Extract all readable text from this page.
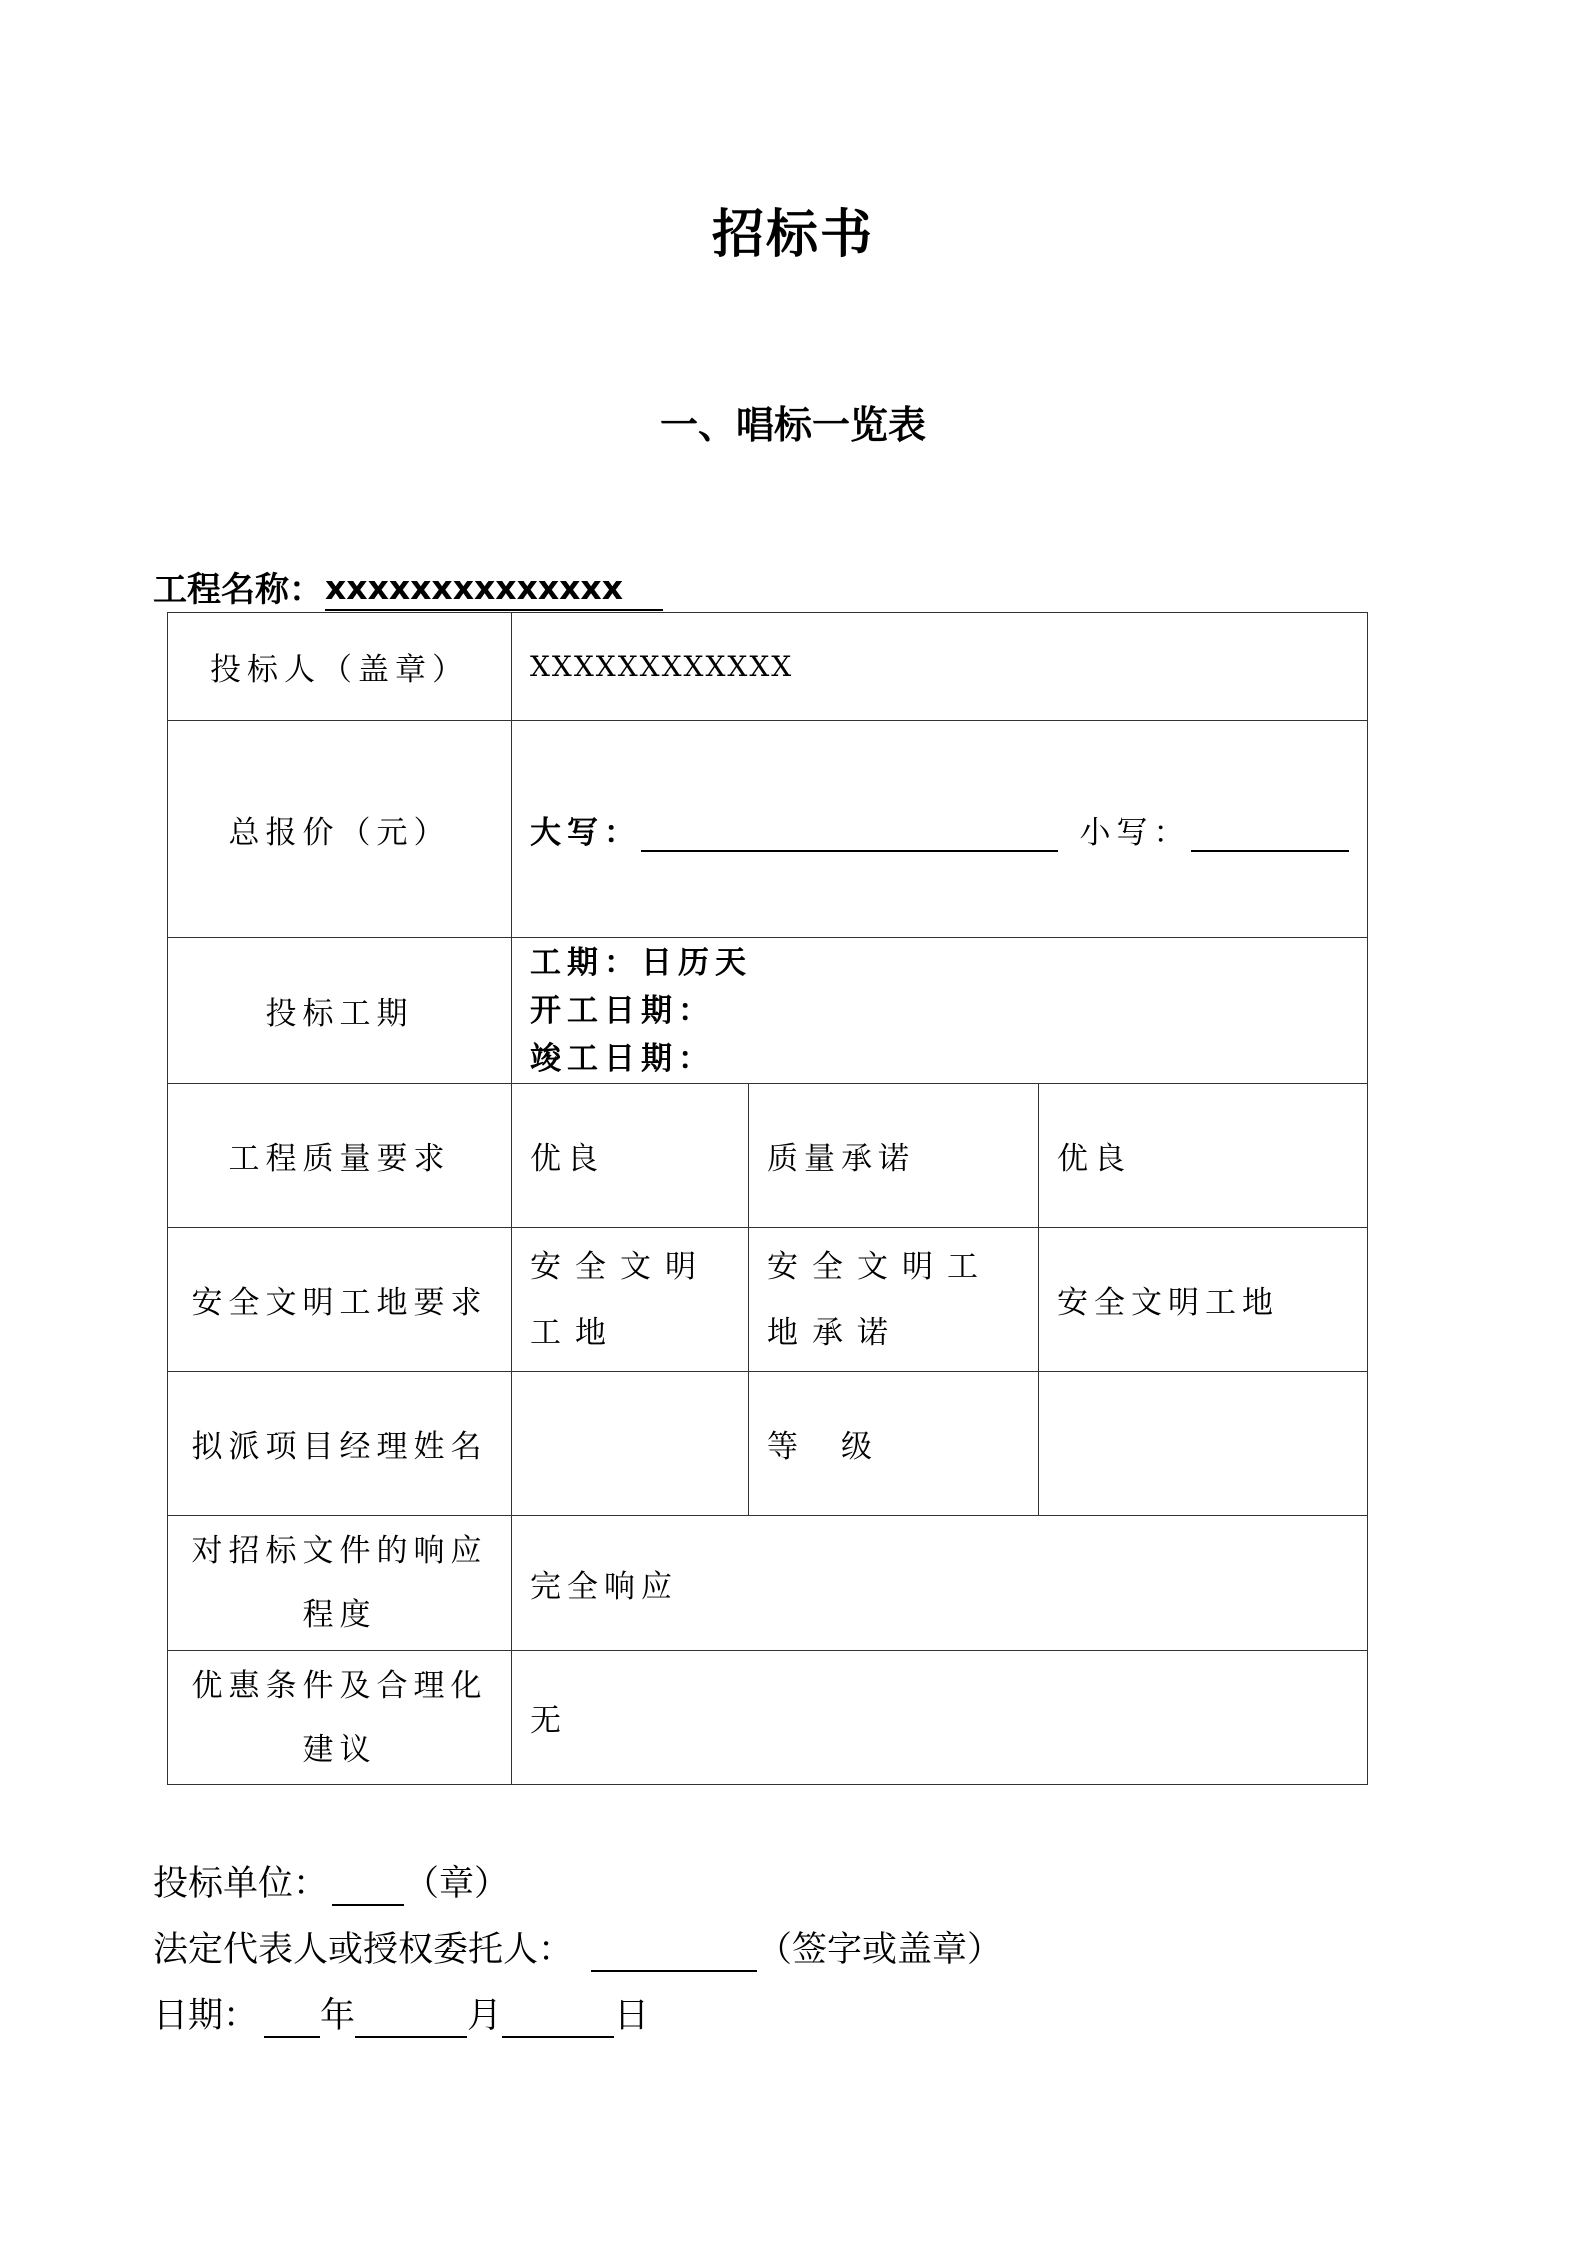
招标书
一、唱标一览表
工程名称： xxxxxxxxxxxxxx
投标人（盖章）	XXXXXXXXXXXX		
总报价（元）	大写： 小写：		

投标工期	工期：日历天
开工日期：
竣工日期：		

工程质量要求	优良	质量承诺	优良
安全文明工地要求	安全文明工地	安全文明工地承诺	安全文明工地
拟派项目经理姓名		等　级	
对招标文件的响应程度	完全响应		
优惠条件及合理化建议	无		
投标单位： （章）
法定代表人或授权委托人：	（签字或盖章）
日期： 年	月	日
